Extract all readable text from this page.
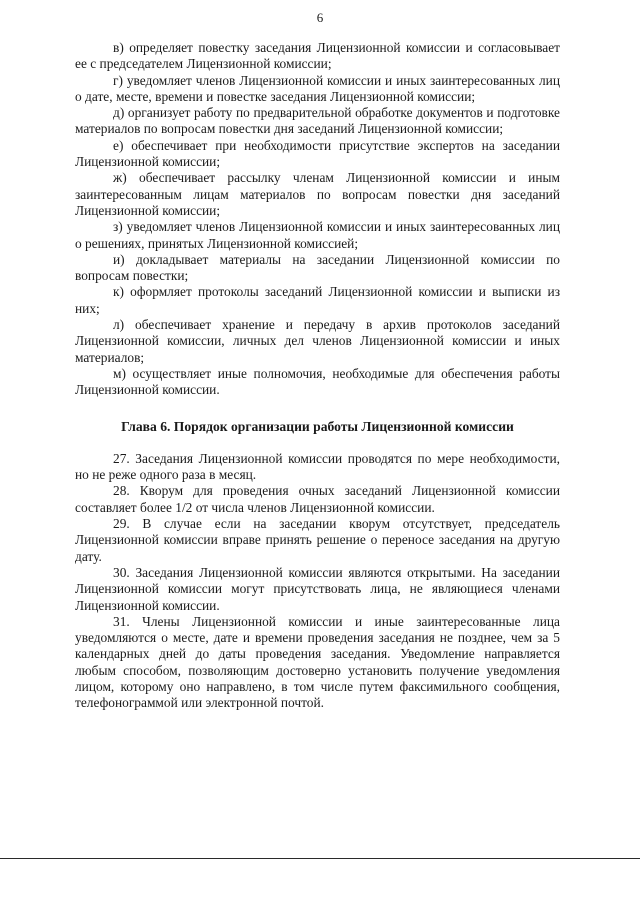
6

в) определяет повестку заседания Лицензионной комиссии и согласовывает ее с председателем Лицензионной комиссии;

г) уведомляет членов Лицензионной комиссии и иных заинтересованных лиц о дате, месте, времени и повестке заседания Лицензионной комиссии;

д) организует работу по предварительной обработке документов и подготовке материалов по вопросам повестки дня заседаний Лицензионной комиссии;

е) обеспечивает при необходимости присутствие экспертов на заседании Лицензионной комиссии;

ж) обеспечивает рассылку членам Лицензионной комиссии и иным заинтересованным лицам материалов по вопросам повестки дня заседаний Лицензионной комиссии;

з) уведомляет членов Лицензионной комиссии и иных заинтересованных лиц о решениях, принятых Лицензионной комиссией;

и) докладывает материалы на заседании Лицензионной комиссии по вопросам повестки;

к) оформляет протоколы заседаний Лицензионной комиссии и выписки из них;

л) обеспечивает хранение и передачу в архив протоколов заседаний Лицензионной комиссии, личных дел членов Лицензионной комиссии и иных материалов;

м) осуществляет иные полномочия, необходимые для обеспечения работы Лицензионной комиссии.

Глава 6. Порядок организации работы Лицензионной комиссии

27. Заседания Лицензионной комиссии проводятся по мере необходимости, но не реже одного раза в месяц.

28. Кворум для проведения очных заседаний Лицензионной комиссии составляет более 1/2 от числа членов Лицензионной комиссии.

29. В случае если на заседании кворум отсутствует, председатель Лицензионной комиссии вправе принять решение о переносе заседания на другую дату.

30. Заседания Лицензионной комиссии являются открытыми. На заседании Лицензионной комиссии могут присутствовать лица, не являющиеся членами Лицензионной комиссии.

31. Члены Лицензионной комиссии и иные заинтересованные лица уведомляются о месте, дате и времени проведения заседания не позднее, чем за 5 календарных дней до даты проведения заседания. Уведомление направляется любым способом, позволяющим достоверно установить получение уведомления лицом, которому оно направлено, в том числе путем факсимильного сообщения, телефонограммой или электронной почтой.
